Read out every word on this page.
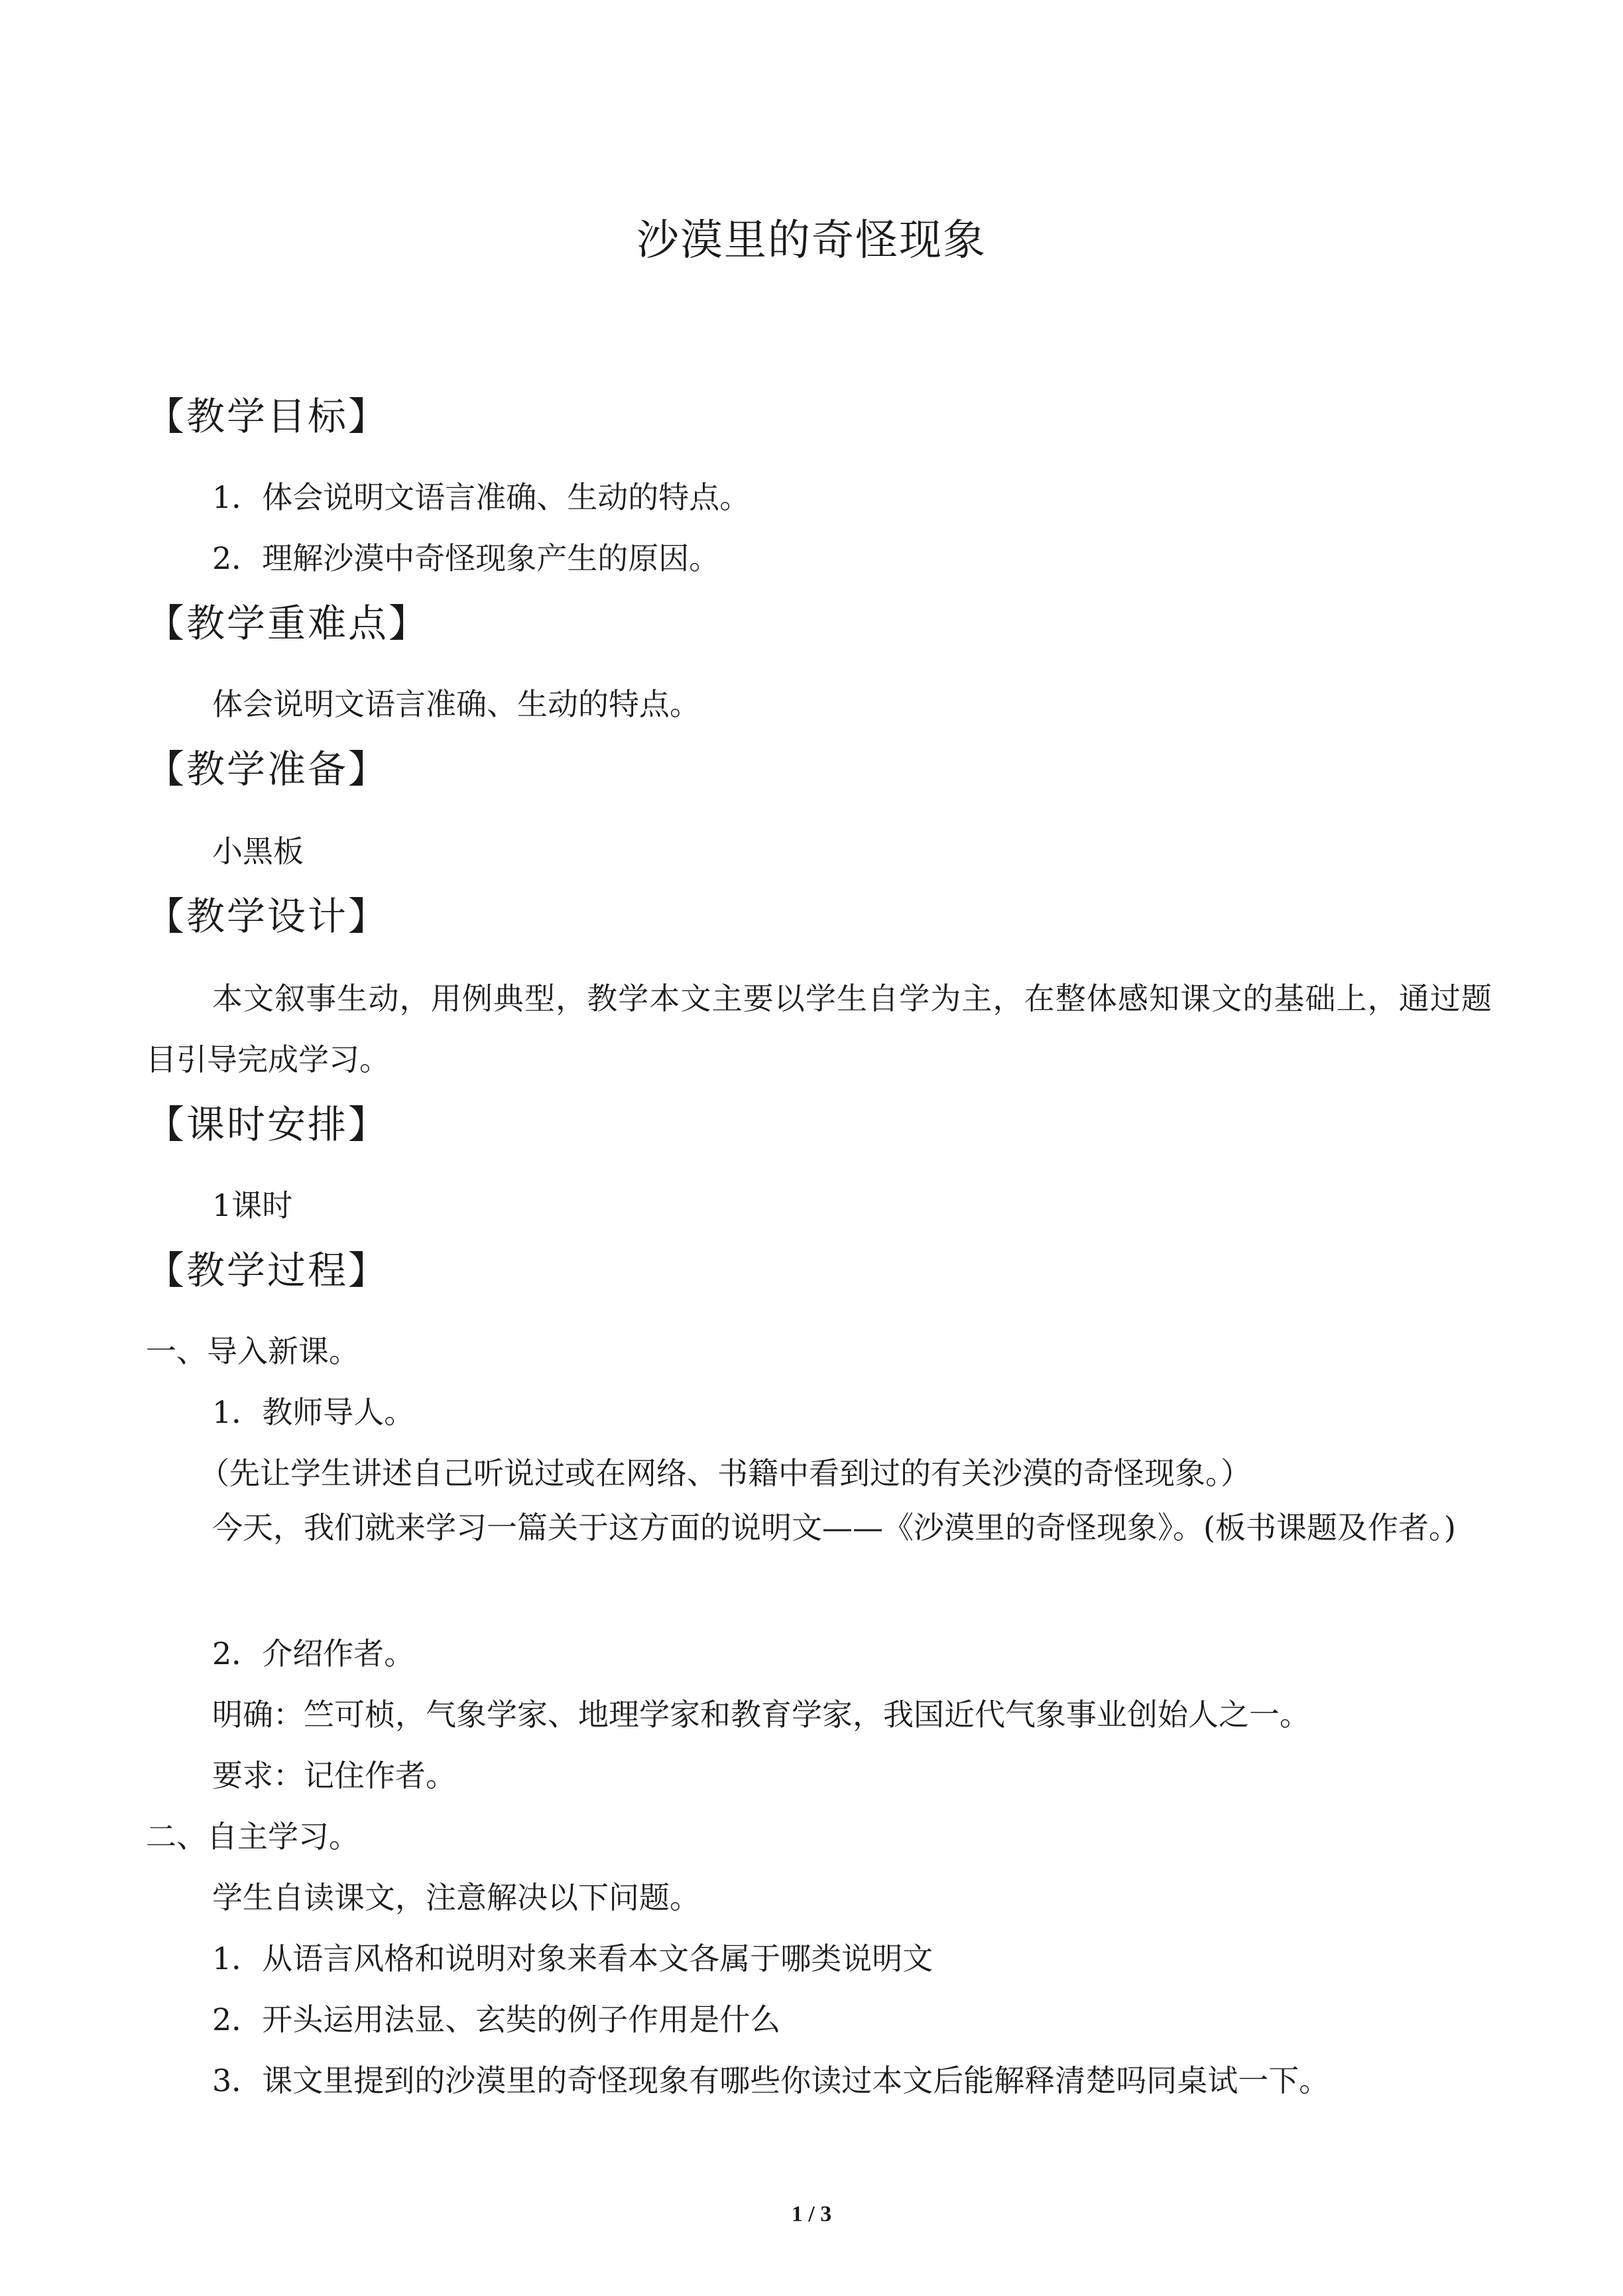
沙漠里的奇怪现象
【教学目标】
1．体会说明文语言准确、生动的特点。
2．理解沙漠中奇怪现象产生的原因。
【教学重难点】
体会说明文语言准确、生动的特点。
【教学准备】
小黑板
【教学设计】
本文叙事生动，用例典型，教学本文主要以学生自学为主，在整体感知课文的基础上，通过题目引导完成学习。
【课时安排】
1课时
【教学过程】
一、导入新课。
1．教师导人。
（先让学生讲述自己听说过或在网络、书籍中看到过的有关沙漠的奇怪现象。）
今天，我们就来学习一篇关于这方面的说明文——《沙漠里的奇怪现象》。(板书课题及作者。)
2．介绍作者。
明确：竺可桢，气象学家、地理学家和教育学家，我国近代气象事业创始人之一。
要求：记住作者。
二、自主学习。
学生自读课文，注意解决以下问题。
1．从语言风格和说明对象来看本文各属于哪类说明文
2．开头运用法显、玄奘的例子作用是什么
3．课文里提到的沙漠里的奇怪现象有哪些你读过本文后能解释清楚吗同桌试一下。
1 / 3
